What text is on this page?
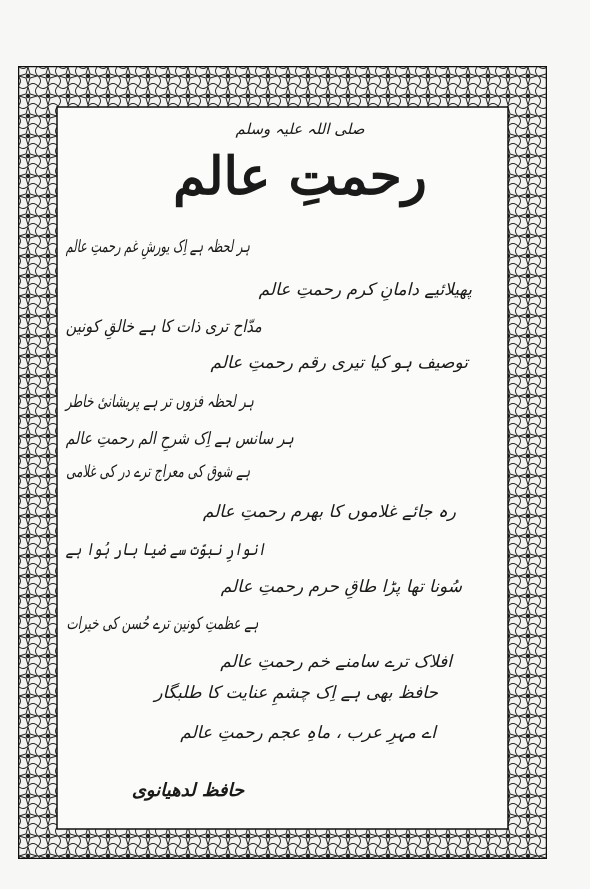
صلی اللہ علیہ وسلم
رحمتِ عالم
ہر لحظہ ہے اِک یورشِ غم رحمتِ عالم
پھیلائیے دامانِ کرم رحمتِ عالم
مدّاح تری ذات کا ہے خالقِ کونین
توصیف ہو کیا تیری رقم رحمتِ عالم
ہر لحظہ فزوں تر ہے پریشانیٔ خاطر
ہر سانس ہے اِک شرحِ الم رحمتِ عالم
ہے شوق کی معراج ترے در کی غلامی
رہ جائے غلاموں کا بھرم رحمتِ عالم
انوارِ نبوّت سے ضیا بار ہُوا ہے
سُونا تھا پڑا طاقِ حرم رحمتِ عالم
ہے عظمتِ کونین ترے حُسن کی خیرات
افلاک ترے سامنے خم رحمتِ عالم
حافظ بھی ہے اِک چشمِ عنایت کا طلبگار
اے مہرِ عرب ، ماہِ عجم رحمتِ عالم
حافظ لدھیانوی
